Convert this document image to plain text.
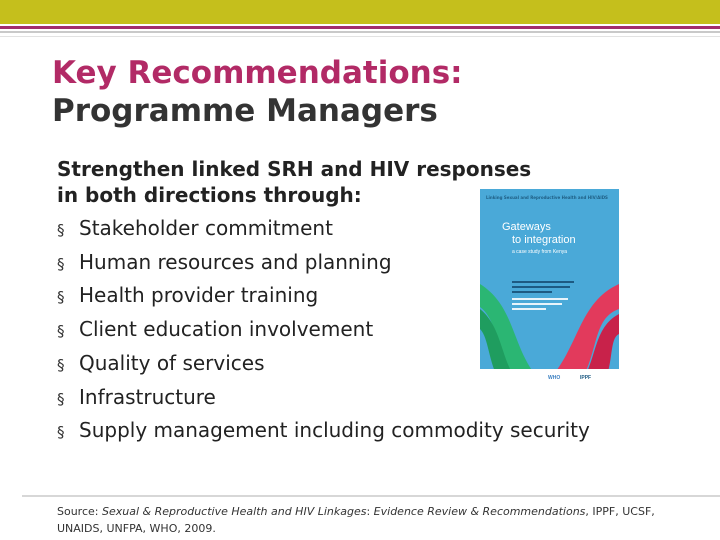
Key Recommendations:
Programme Managers

Strengthen linked SRH and HIV responses in both directions through:

§ Stakeholder commitment
§ Human resources and planning
§ Health provider training
§ Client education involvement
§ Quality of services
§ Infrastructure
§ Supply management including commodity security
Linking Sexual and Reproductive Health and HIV/AIDS
Gateways
to integration
a case study from Kenya
WHO	IPPF

Source: Sexual & Reproductive Health and HIV Linkages: Evidence Review & Recommendations, IPPF, UCSF, UNAIDS, UNFPA, WHO, 2009.
